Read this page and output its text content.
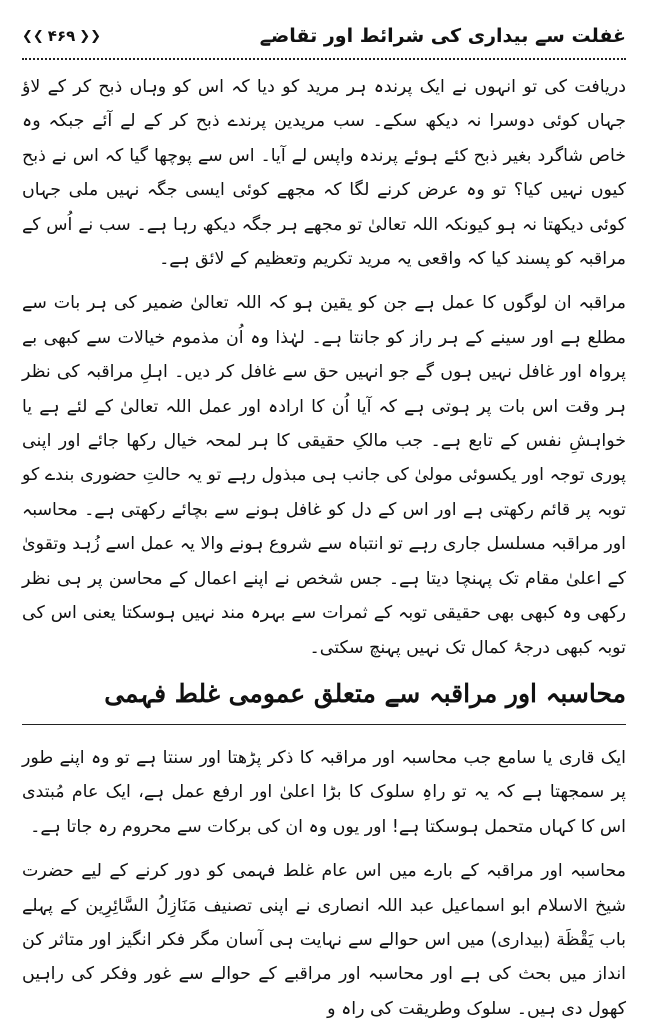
غفلت سے بیداری کی شرائط اور تقاضے
❮❮ ۴۶۹ ❯❯

دریافت کی تو انہوں نے ایک پرندہ ہر مرید کو دیا کہ اس کو وہاں ذبح کر کے لاؤ جہاں کوئی دوسرا نہ دیکھ سکے۔ سب مریدین پرندے ذبح کر کے لے آئے جبکہ وہ خاص شاگرد بغیر ذبح کئے ہوئے پرندہ واپس لے آیا۔ اس سے پوچھا گیا کہ اس نے ذبح کیوں نہیں کیا؟ تو وہ عرض کرنے لگا کہ مجھے کوئی ایسی جگہ نہیں ملی جہاں کوئی دیکھتا نہ ہو کیونکہ اللہ تعالیٰ تو مجھے ہر جگہ دیکھ رہا ہے۔ سب نے اُس کے مراقبہ کو پسند کیا کہ واقعی یہ مرید تکریم وتعظیم کے لائق ہے۔

مراقبہ ان لوگوں کا عمل ہے جن کو یقین ہو کہ اللہ تعالیٰ ضمیر کی ہر بات سے مطلع ہے اور سینے کے ہر راز کو جانتا ہے۔ لہٰذا وہ اُن مذموم خیالات سے کبھی بے پرواہ اور غافل نہیں ہوں گے جو انہیں حق سے غافل کر دیں۔ اہلِ مراقبہ کی نظر ہر وقت اس بات پر ہوتی ہے کہ آیا اُن کا ارادہ اور عمل اللہ تعالیٰ کے لئے ہے یا خواہشِ نفس کے تابع ہے۔ جب مالکِ حقیقی کا ہر لمحہ خیال رکھا جائے اور اپنی پوری توجہ اور یکسوئی مولیٰ کی جانب ہی مبذول رہے تو یہ حالتِ حضوری بندے کو توبہ پر قائم رکھتی ہے اور اس کے دل کو غافل ہونے سے بچائے رکھتی ہے۔ محاسبہ اور مراقبہ مسلسل جاری رہے تو انتباہ سے شروع ہونے والا یہ عمل اسے زُہد وتقویٰ کے اعلیٰ مقام تک پہنچا دیتا ہے۔ جس شخص نے اپنے اعمال کے محاسن پر ہی نظر رکھی وہ کبھی بھی حقیقی توبہ کے ثمرات سے بہرہ مند نہیں ہوسکتا یعنی اس کی توبہ کبھی درجۂ کمال تک نہیں پہنچ سکتی۔

محاسبہ اور مراقبہ سے متعلق عمومی غلط فہمی

ایک قاری یا سامع جب محاسبہ اور مراقبہ کا ذکر پڑھتا اور سنتا ہے تو وہ اپنے طور پر سمجھتا ہے کہ یہ تو راہِ سلوک کا بڑا اعلیٰ اور ارفع عمل ہے، ایک عام مُبتدی اس کا کہاں متحمل ہوسکتا ہے! اور یوں وہ ان کی برکات سے محروم رہ جاتا ہے۔

محاسبہ اور مراقبہ کے بارے میں اس عام غلط فہمی کو دور کرنے کے لیے حضرت شیخ الاسلام ابو اسماعیل عبد اللہ انصاری نے اپنی تصنیف مَنَازِلُ السَّائِرِین کے پہلے باب یَقْظَة (بیداری) میں اس حوالے سے نہایت ہی آسان مگر فکر انگیز اور متاثر کن انداز میں بحث کی ہے اور محاسبہ اور مراقبے کے حوالے سے غور وفکر کی راہیں کھول دی ہیں۔ سلوک وطریقت کی راہ و
